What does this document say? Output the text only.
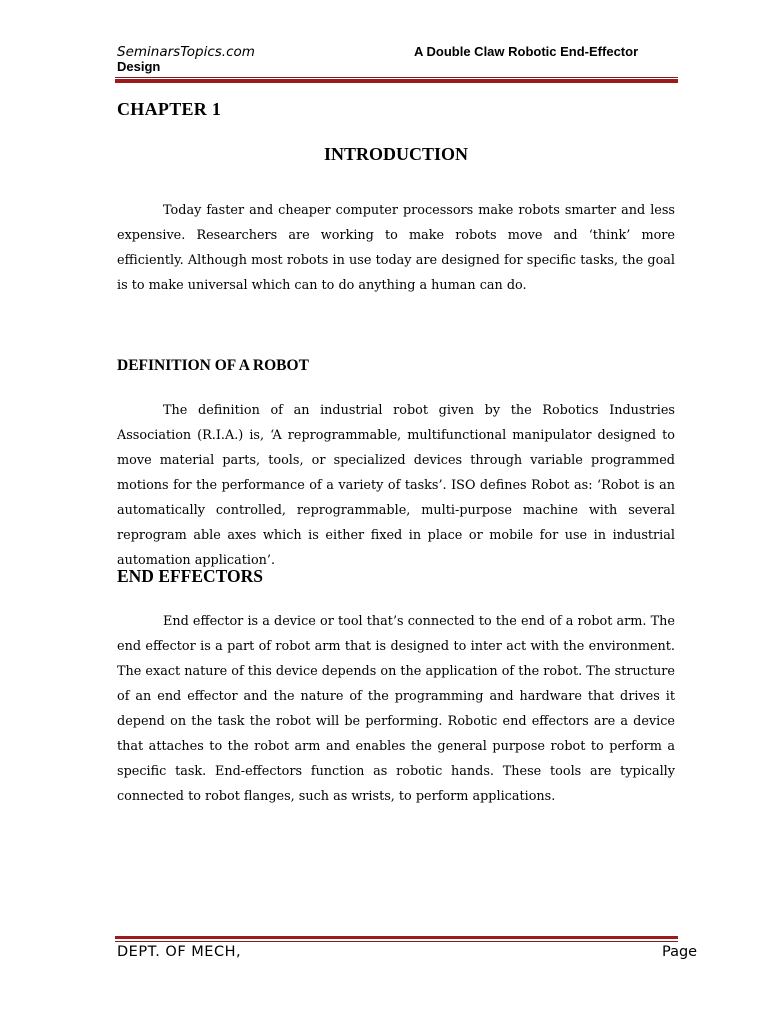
SeminarsTopics.com	A Double Claw Robotic End-Effector
Design
CHAPTER 1
INTRODUCTION
Today faster and cheaper computer processors make robots smarter and less expensive. Researchers are working to make robots move and ‘think’ more efficiently. Although most robots in use today are designed for specific tasks, the goal is to make universal which can to do anything a human can do.
DEFINITION OF A ROBOT
The definition of an industrial robot given by the Robotics Industries Association (R.I.A.) is, ‘A reprogrammable, multifunctional manipulator designed to move material parts, tools, or specialized devices through variable programmed motions for the performance of a variety of tasks’. ISO defines Robot as: ‘Robot is an automatically controlled, reprogrammable, multi-purpose machine with several reprogram able axes which is either fixed in place or mobile for use in industrial automation application’.
END EFFECTORS
End effector is a device or tool that’s connected to the end of a robot arm. The end effector is a part of robot arm that is designed to inter act with the environment. The exact nature of this device depends on the application of the robot. The structure of an end effector and the nature of the programming and hardware that drives it depend on the task the robot will be performing. Robotic end effectors are a device that attaches to the robot arm and enables the general purpose robot to perform a specific task. End-effectors function as robotic hands. These tools are typically connected to robot flanges, such as wrists, to perform applications.
DEPT. OF MECH,	Page
